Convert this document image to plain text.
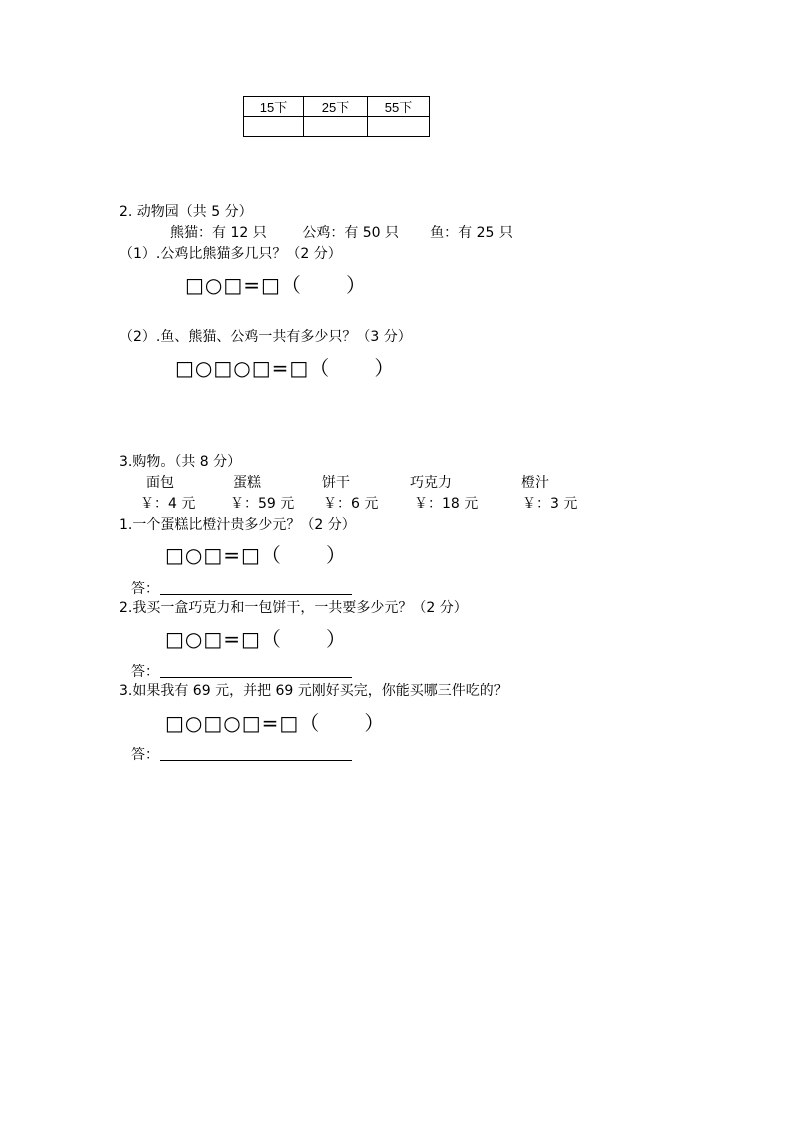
15下	25下	55下

2. 动物园（共 5 分）
熊猫：有 12 只        公鸡：有 50 只       鱼：有 25 只
（1）.公鸡比熊猫多几只？（2 分）
□○□=□（      ）
（2）.鱼、熊猫、公鸡一共有多少只？（3 分）
□○□○□=□（      ）
3.购物。（共 8 分）
面包	蛋糕	饼干	巧克力	橙汁
￥：4 元 ￥：59 元 ￥：6 元	￥：18 元	￥：3 元
1.一个蛋糕比橙汁贵多少元？（2 分）
□○□=□（      ）
答：
2.我买一盒巧克力和一包饼干，一共要多少元？（2 分）
□○□=□（      ）
答：
3.如果我有 69 元，并把 69 元刚好买完，你能买哪三件吃的？
□○□○□=□（      ）
答：
